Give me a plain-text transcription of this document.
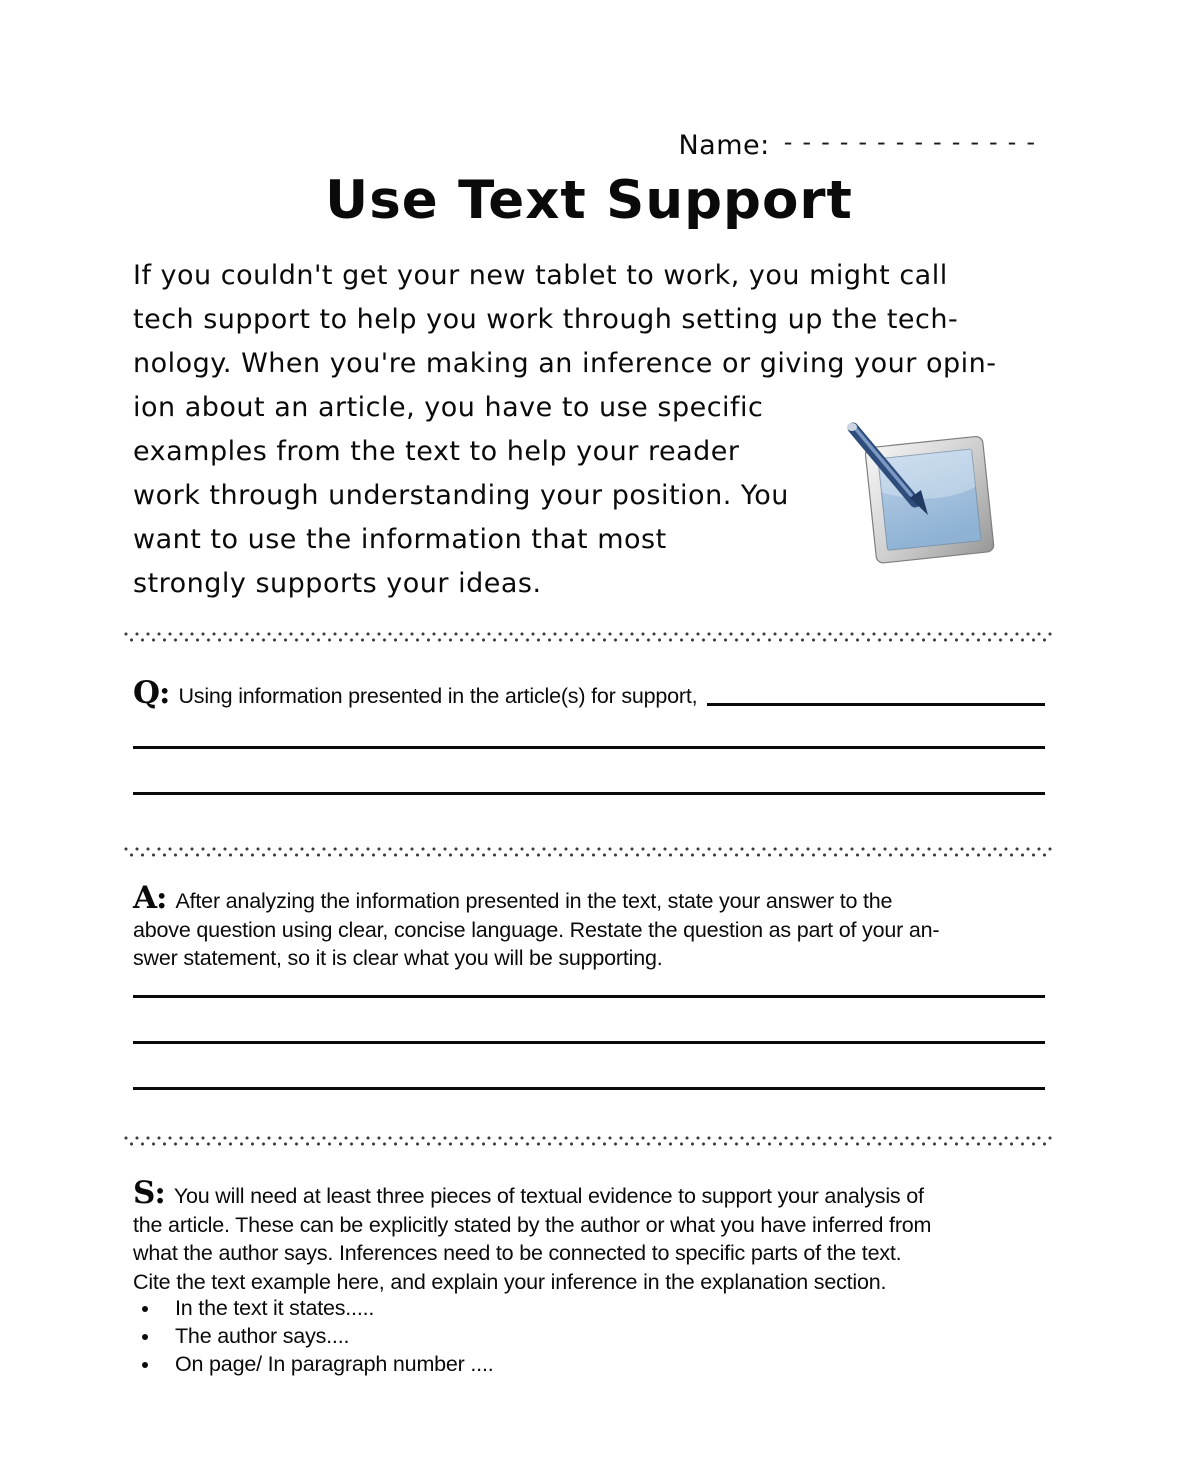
Name: --------------
Use Text Support
If you couldn't get your new tablet to work, you might call
tech support to help you work through setting up the tech-
nology. When you're making an inference or giving your opin-
ion about an article, you have to use specific
examples from the text to help your reader
work through understanding your position. You
want to use the information that most
strongly supports your ideas.
Q: Using information presented in the article(s) for support,
A: After analyzing the information presented in the text, state your answer to the
above question using clear, concise language. Restate the question as part of your an-
swer statement, so it is clear what you will be supporting.
S: You will need at least three pieces of textual evidence to support your analysis of
the article. These can be explicitly stated by the author or what you have inferred from
what the author says. Inferences need to be connected to specific parts of the text.
Cite the text example here, and explain your inference in the explanation section.
• In the text it states.....
• The author says....
• On page/ In paragraph number ....
